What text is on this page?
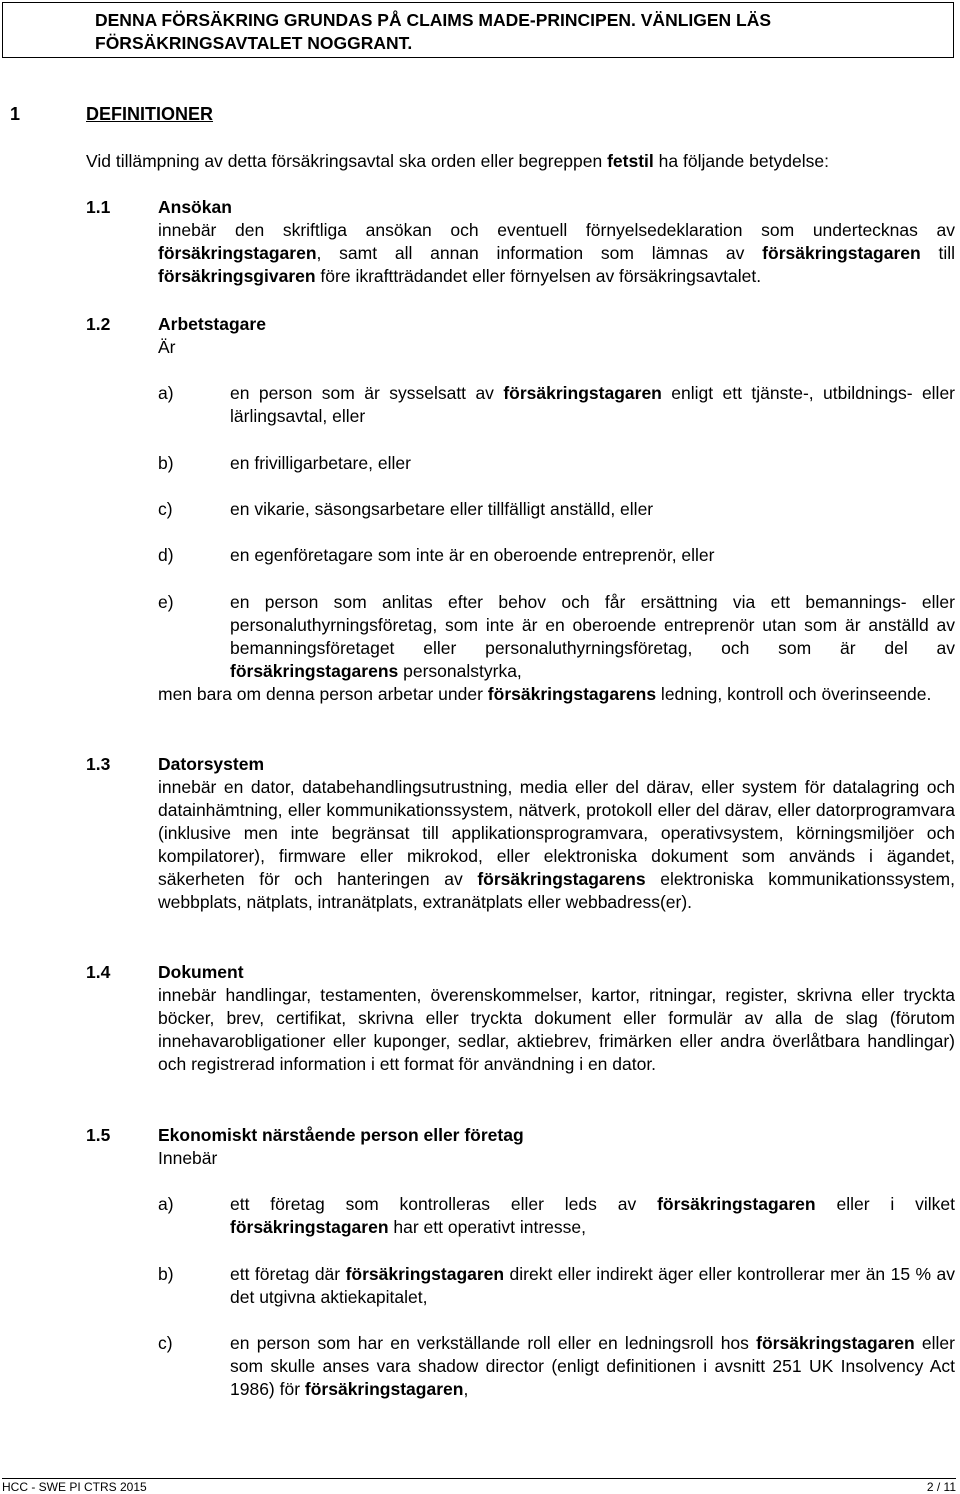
DENNA FÖRSÄKRING GRUNDAS PÅ CLAIMS MADE-PRINCIPEN. VÄNLIGEN LÄS
FÖRSÄKRINGSAVTALET NOGGRANT.
1	DEFINITIONER
Vid tillämpning av detta försäkringsavtal ska orden eller begreppen fetstil ha följande betydelse:
1.1	Ansökan
innebär den skriftliga ansökan och eventuell förnyelsedeklaration som undertecknas av försäkringstagaren, samt all annan information som lämnas av försäkringstagaren till försäkringsgivaren före ikraftträdandet eller förnyelsen av försäkringsavtalet.
1.2	Arbetstagare
Är
a)	en person som är sysselsatt av försäkringstagaren enligt ett tjänste-, utbildnings- eller lärlingsavtal, eller
b)	en frivilligarbetare, eller
c)	en vikarie, säsongsarbetare eller tillfälligt anställd, eller
d)	en egenföretagare som inte är en oberoende entreprenör, eller
e)	en person som anlitas efter behov och får ersättning via ett bemannings- eller personaluthyrningsföretag, som inte är en oberoende entreprenör utan som är anställd av bemanningsföretaget eller personaluthyrningsföretag, och som är del av försäkringstagarens personalstyrka,
men bara om denna person arbetar under försäkringstagarens ledning, kontroll och överinseende.
1.3	Datorsystem
innebär en dator, databehandlingsutrustning, media eller del därav, eller system för datalagring och datainhämtning, eller kommunikationssystem, nätverk, protokoll eller del därav, eller datorprogramvara (inklusive men inte begränsat till applikationsprogramvara, operativsystem, körningsmiljöer och kompilatorer), firmware eller mikrokod, eller elektroniska dokument som används i ägandet, säkerheten för och hanteringen av försäkringstagarens elektroniska kommunikationssystem, webbplats, nätplats, intranätplats, extranätplats eller webbadress(er).
1.4	Dokument
innebär handlingar, testamenten, överenskommelser, kartor, ritningar, register, skrivna eller tryckta böcker, brev, certifikat, skrivna eller tryckta dokument eller formulär av alla de slag (förutom innehavarobligationer eller kuponger, sedlar, aktiebrev, frimärken eller andra överlåtbara handlingar) och registrerad information i ett format för användning i en dator.
1.5	Ekonomiskt närstående person eller företag
Innebär
a)	ett företag som kontrolleras eller leds av försäkringstagaren eller i vilket försäkringstagaren har ett operativt intresse,
b)	ett företag där försäkringstagaren direkt eller indirekt äger eller kontrollerar mer än 15 % av det utgivna aktiekapitalet,
c)	en person som har en verkställande roll eller en ledningsroll hos försäkringstagaren eller som skulle anses vara shadow director (enligt definitionen i avsnitt 251 UK Insolvency Act 1986) för försäkringstagaren,
HCC - SWE PI CTRS 2015	2 / 11
